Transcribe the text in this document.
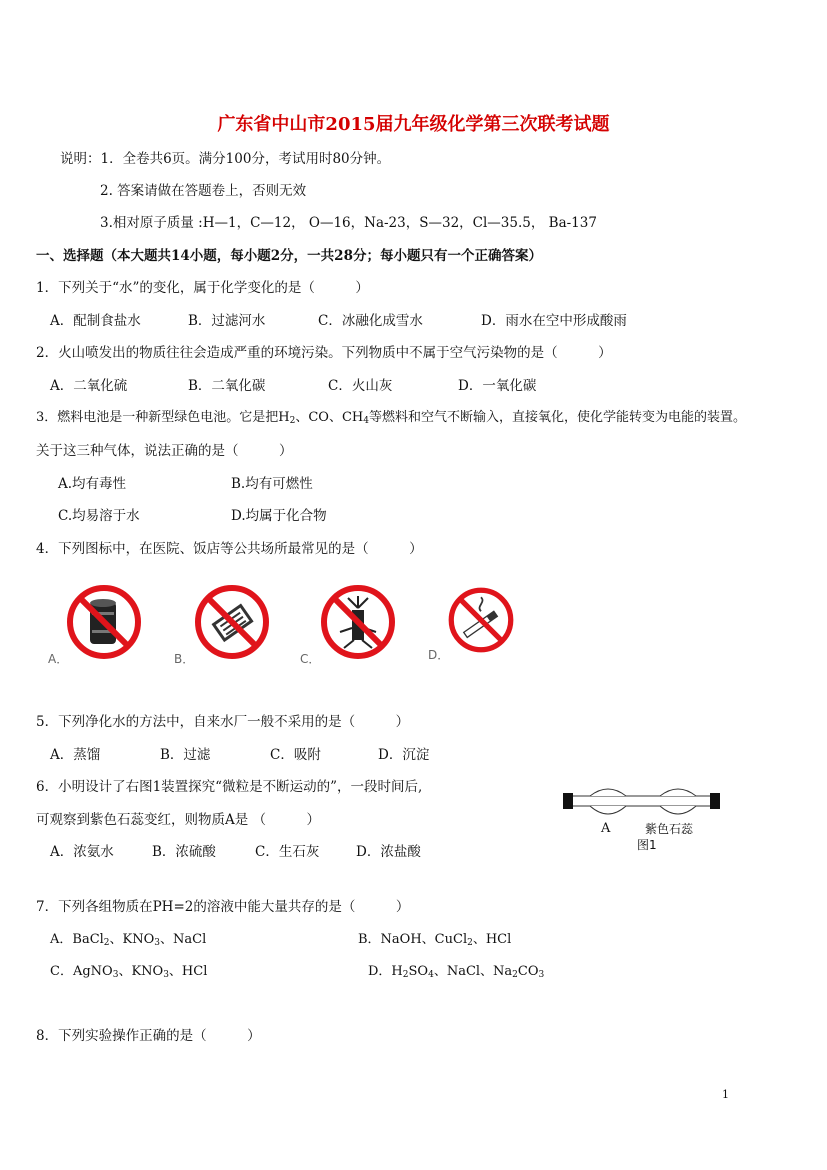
广东省中山市2015届九年级化学第三次联考试题
说明：1．全卷共6页。满分100分，考试用时80分钟。
2. 答案请做在答题卷上，否则无效
3.相对原子质量 :H—1，C—12， O—16，Na-23，S—32，Cl—35.5， Ba-137
一、选择题（本大题共14小题，每小题2分，一共28分；每小题只有一个正确答案）
1．下列关于“水”的变化，属于化学变化的是（　　　）
A．配制食盐水	B．过滤河水	C．冰融化成雪水	D．雨水在空中形成酸雨
2．火山喷发出的物质往往会造成严重的环境污染。下列物质中不属于空气污染物的是（　　　）
A．二氧化硫	B．二氧化碳	C．火山灰	D．一氧化碳
3．燃料电池是一种新型绿色电池。它是把$H_2$、CO、$CH_4$等燃料和空气不断输入，直接氧化，使化学能转变为电能的装置。
关于这三种气体，说法正确的是（　　　）
A.均有毒性	B.均有可燃性
C.均易溶于水	D.均属于化合物
4．下列图标中，在医院、饭店等公共场所最常见的是（　　　）
A．	B．	C．	D．
5．下列净化水的方法中，自来水厂一般不采用的是（　　　）
A．蒸馏	B．过滤	C．吸附	D．沉淀
6．小明设计了右图1装置探究“微粒是不断运动的”，一段时间后,
可观察到紫色石蕊变红，则物质A是 （　　　）
A．浓氨水	B．浓硫酸	C．生石灰	D．浓盐酸
A	紫色石蕊
图1
7．下列各组物质在PH=2的溶液中能大量共存的是（　　　）
A．BaCl$_2$、$KNO_3$、NaCl	B．NaOH、CuCl$_2$、HCl
C．AgNO$_3$、$KNO_3$、HCl	D．$H_2SO_4$、NaCl、$Na_2CO_3$
8．下列实验操作正确的是（　　　）
1
